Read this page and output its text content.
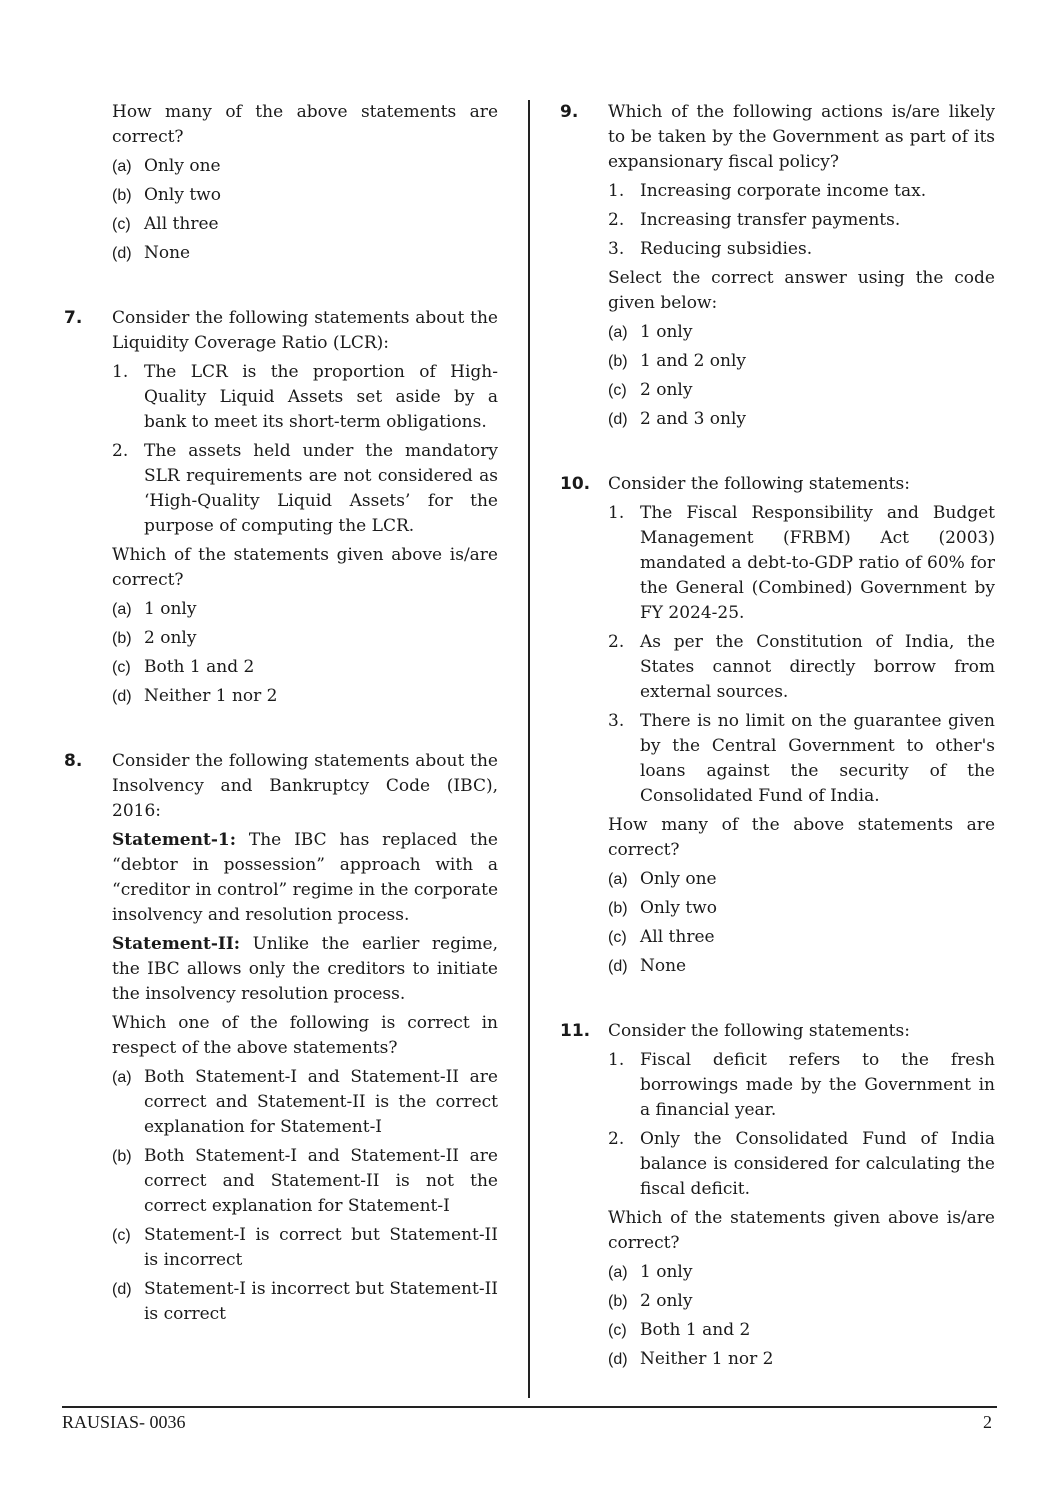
How many of the above statements are correct?

(a) Only one
(b) Only two
(c) All three
(d) None
7. Consider the following statements about the Liquidity Coverage Ratio (LCR):

1. The LCR is the proportion of High-Quality Liquid Assets set aside by a bank to meet its short-term obligations.
2. The assets held under the mandatory SLR requirements are not considered as ‘High-Quality Liquid Assets’ for the purpose of computing the LCR.

Which of the statements given above is/are correct?

(a) 1 only
(b) 2 only
(c) Both 1 and 2
(d) Neither 1 nor 2
8. Consider the following statements about the Insolvency and Bankruptcy Code (IBC), 2016:

Statement-1: The IBC has replaced the “debtor in possession” approach with a “creditor in control” regime in the corporate insolvency and resolution process.

Statement-II: Unlike the earlier regime, the IBC allows only the creditors to initiate the insolvency resolution process.

Which one of the following is correct in respect of the above statements?

(a) Both Statement-I and Statement-II are correct and Statement-II is the correct explanation for Statement-I
(b) Both Statement-I and Statement-II are correct and Statement-II is not the correct explanation for Statement-I
(c) Statement-I is correct but Statement-II is incorrect
(d) Statement-I is incorrect but Statement-II is correct
9. Which of the following actions is/are likely to be taken by the Government as part of its expansionary fiscal policy?

1. Increasing corporate income tax.
2. Increasing transfer payments.
3. Reducing subsidies.

Select the correct answer using the code given below:

(a) 1 only
(b) 1 and 2 only
(c) 2 only
(d) 2 and 3 only
10. Consider the following statements:

1. The Fiscal Responsibility and Budget Management (FRBM) Act (2003) mandated a debt-to-GDP ratio of 60% for the General (Combined) Government by FY 2024-25.
2. As per the Constitution of India, the States cannot directly borrow from external sources.
3. There is no limit on the guarantee given by the Central Government to other's loans against the security of the Consolidated Fund of India.

How many of the above statements are correct?

(a) Only one
(b) Only two
(c) All three
(d) None
11. Consider the following statements:

1. Fiscal deficit refers to the fresh borrowings made by the Government in a financial year.
2. Only the Consolidated Fund of India balance is considered for calculating the fiscal deficit.

Which of the statements given above is/are correct?

(a) 1 only
(b) 2 only
(c) Both 1 and 2
(d) Neither 1 nor 2
RAUSIAS- 0036	2
